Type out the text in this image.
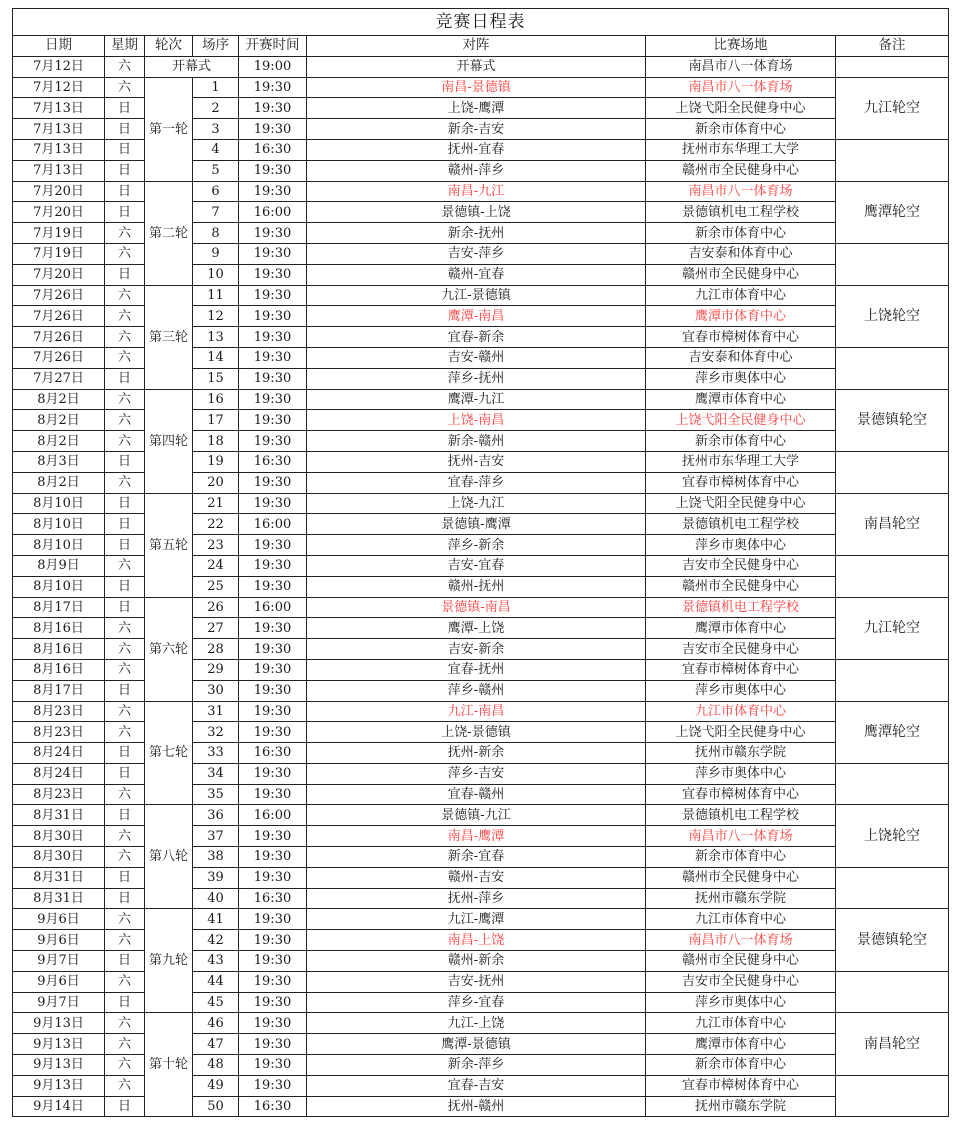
竞赛日程表							
日期	星期	轮次	场序	开赛时间	对阵	比赛场地	备注
7月12日	六	开幕式		19:00	开幕式	南昌市八一体育场	
7月12日	六	第一轮	1	19:30	南昌-景德镇	南昌市八一体育场	九江轮空
7月13日	日		2	19:30	上饶-鹰潭	上饶弋阳全民健身中心	
7月13日	日		3	19:30	新余-吉安	新余市体育中心	
7月13日	日		4	16:30	抚州-宜春	抚州市东华理工大学	
7月13日	日		5	19:30	赣州-萍乡	赣州市全民健身中心	
7月20日	日	第二轮	6	19:30	南昌-九江	南昌市八一体育场	鹰潭轮空
7月20日	日		7	16:00	景德镇-上饶	景德镇机电工程学校	
7月19日	六		8	19:30	新余-抚州	新余市体育中心	
7月19日	六		9	19:30	吉安-萍乡	吉安泰和体育中心	
7月20日	日		10	19:30	赣州-宜春	赣州市全民健身中心	
7月26日	六	第三轮	11	19:30	九江-景德镇	九江市体育中心	上饶轮空
7月26日	六		12	19:30	鹰潭-南昌	鹰潭市体育中心	
7月26日	六		13	19:30	宜春-新余	宜春市樟树体育中心	
7月26日	六		14	19:30	吉安-赣州	吉安泰和体育中心	
7月27日	日		15	19:30	萍乡-抚州	萍乡市奥体中心	
8月2日	六	第四轮	16	19:30	鹰潭-九江	鹰潭市体育中心	景德镇轮空
8月2日	六		17	19:30	上饶-南昌	上饶弋阳全民健身中心	
8月2日	六		18	19:30	新余-赣州	新余市体育中心	
8月3日	日		19	16:30	抚州-吉安	抚州市东华理工大学	
8月2日	六		20	19:30	宜春-萍乡	宜春市樟树体育中心	
8月10日	日	第五轮	21	19:30	上饶-九江	上饶弋阳全民健身中心	南昌轮空
8月10日	日		22	16:00	景德镇-鹰潭	景德镇机电工程学校	
8月10日	日		23	19:30	萍乡-新余	萍乡市奥体中心	
8月9日	六		24	19:30	吉安-宜春	吉安市全民健身中心	
8月10日	日		25	19:30	赣州-抚州	赣州市全民健身中心	
8月17日	日	第六轮	26	16:00	景德镇-南昌	景德镇机电工程学校	九江轮空
8月16日	六		27	19:30	鹰潭-上饶	鹰潭市体育中心	
8月16日	六		28	19:30	吉安-新余	吉安市全民健身中心	
8月16日	六		29	19:30	宜春-抚州	宜春市樟树体育中心	
8月17日	日		30	19:30	萍乡-赣州	萍乡市奥体中心	
8月23日	六	第七轮	31	19:30	九江-南昌	九江市体育中心	鹰潭轮空
8月23日	六		32	19:30	上饶-景德镇	上饶弋阳全民健身中心	
8月24日	日		33	16:30	抚州-新余	抚州市赣东学院	
8月24日	日		34	19:30	萍乡-吉安	萍乡市奥体中心	
8月23日	六		35	19:30	宜春-赣州	宜春市樟树体育中心	
8月31日	日	第八轮	36	16:00	景德镇-九江	景德镇机电工程学校	上饶轮空
8月30日	六		37	19:30	南昌-鹰潭	南昌市八一体育场	
8月30日	六		38	19:30	新余-宜春	新余市体育中心	
8月31日	日		39	19:30	赣州-吉安	赣州市全民健身中心	
8月31日	日		40	16:30	抚州-萍乡	抚州市赣东学院	
9月6日	六	第九轮	41	19:30	九江-鹰潭	九江市体育中心	景德镇轮空
9月6日	六		42	19:30	南昌-上饶	南昌市八一体育场	
9月7日	日		43	19:30	赣州-新余	赣州市全民健身中心	
9月6日	六		44	19:30	吉安-抚州	吉安市全民健身中心	
9月7日	日		45	19:30	萍乡-宜春	萍乡市奥体中心	
9月13日	六	第十轮	46	19:30	九江-上饶	九江市体育中心	南昌轮空
9月13日	六		47	19:30	鹰潭-景德镇	鹰潭市体育中心	
9月13日	六		48	19:30	新余-萍乡	新余市体育中心	
9月13日	六		49	19:30	宜春-吉安	宜春市樟树体育中心	
9月14日	日		50	16:30	抚州-赣州	抚州市赣东学院	
